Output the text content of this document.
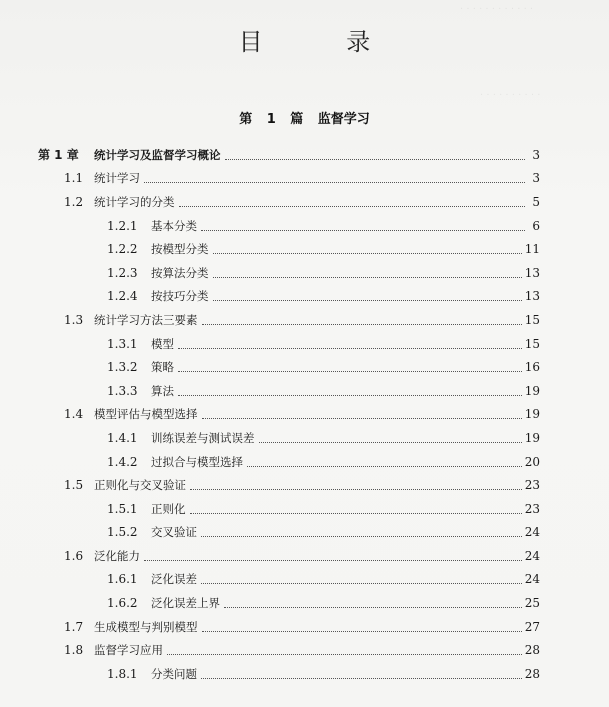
· · · · · · · · · · · ·
· · · · · · · · · ·
目 录
第 1 篇 监督学习
第 1 章	统计学习及监督学习概论	3
1.1 统计学习	3
1.2 统计学习的分类	5
1.2.1	基本分类	6
1.2.2	按模型分类	11
1.2.3	按算法分类	13
1.2.4	按技巧分类	13
1.3 统计学习方法三要素	15
1.3.1	模型	15
1.3.2	策略	16
1.3.3	算法	19
1.4 模型评估与模型选择	19
1.4.1	训练误差与测试误差	19
1.4.2	过拟合与模型选择	20
1.5 正则化与交叉验证	23
1.5.1	正则化	23
1.5.2	交叉验证	24
1.6 泛化能力	24
1.6.1	泛化误差	24
1.6.2	泛化误差上界	25
1.7 生成模型与判别模型	27
1.8 监督学习应用	28
1.8.1	分类问题	28
